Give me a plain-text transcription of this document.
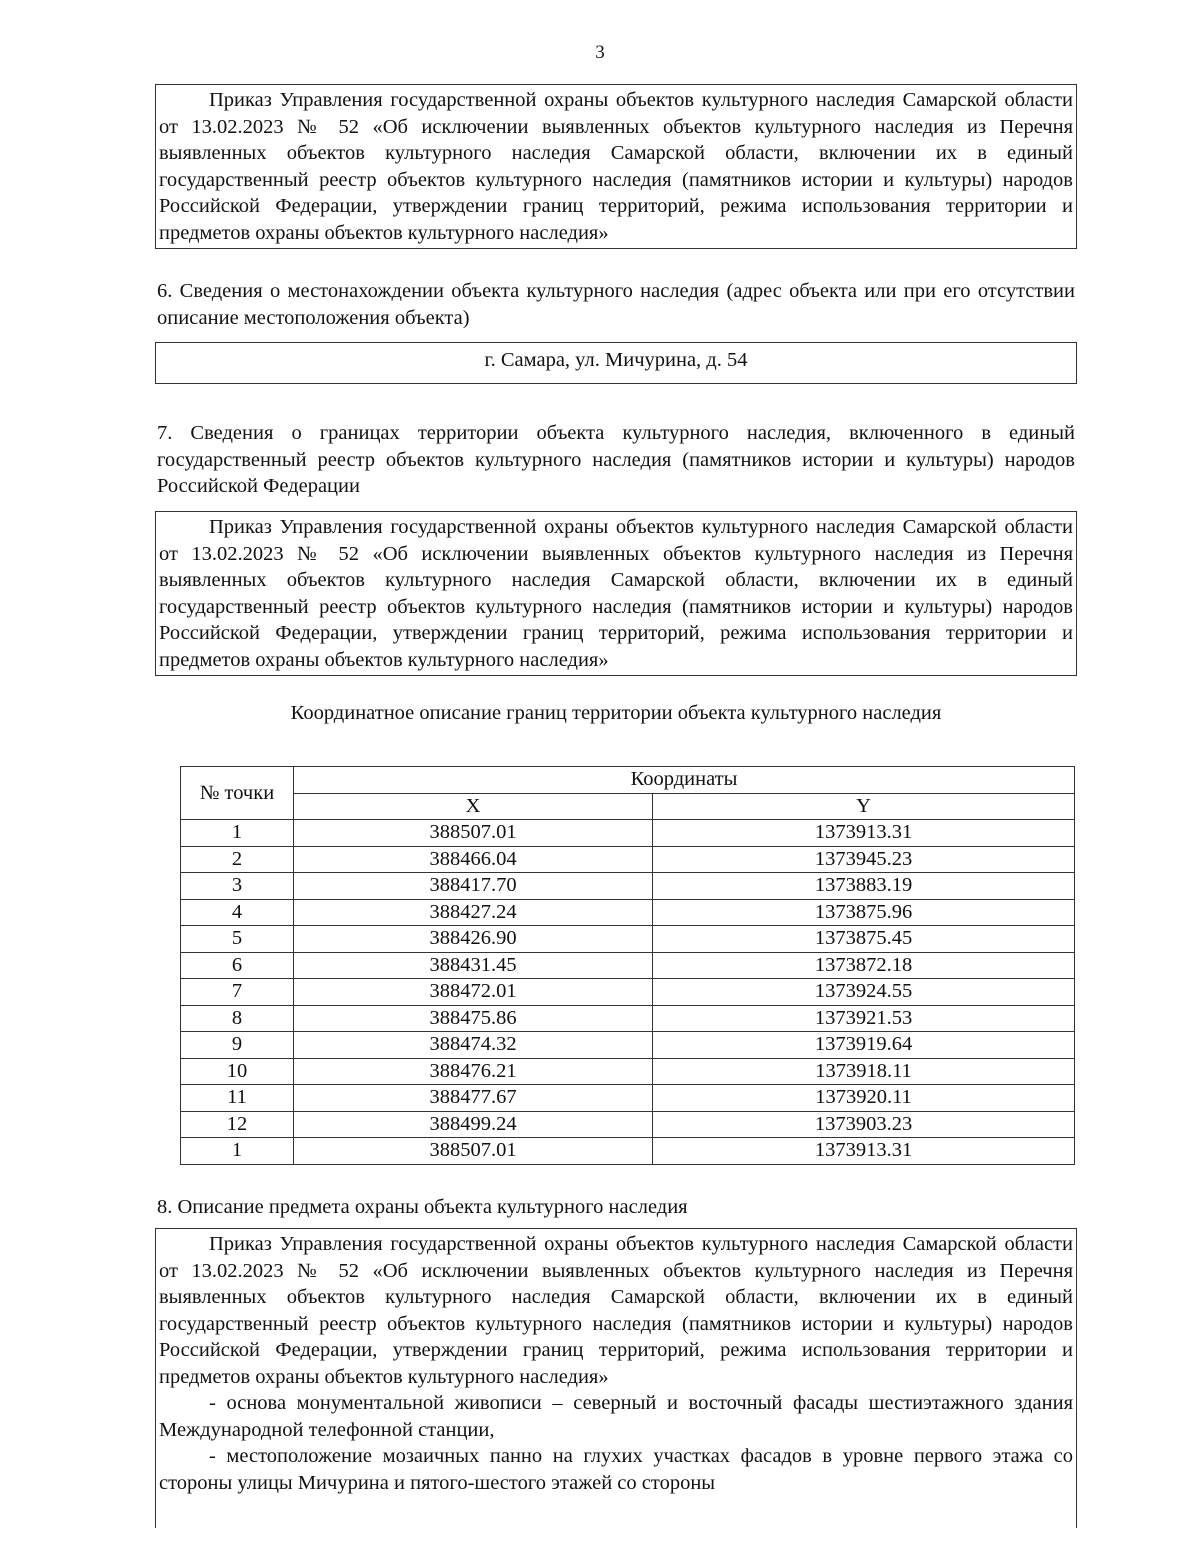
3

Приказ Управления государственной охраны объектов культурного наследия Самарской области от 13.02.2023 № 52 «Об исключении выявленных объектов культурного наследия из Перечня выявленных объектов культурного наследия Самарской области, включении их в единый государственный реестр объектов культурного наследия (памятников истории и культуры) народов Российской Федерации, утверждении границ территорий, режима использования территории и предметов охраны объектов культурного наследия»

6. Сведения о местонахождении объекта культурного наследия (адрес объекта или при его отсутствии описание местоположения объекта)

г. Самара, ул. Мичурина, д. 54

7. Сведения о границах территории объекта культурного наследия, включенного в единый государственный реестр объектов культурного наследия (памятников истории и культуры) народов Российской Федерации

Приказ Управления государственной охраны объектов культурного наследия Самарской области от 13.02.2023 № 52 «Об исключении выявленных объектов культурного наследия из Перечня выявленных объектов культурного наследия Самарской области, включении их в единый государственный реестр объектов культурного наследия (памятников истории и культуры) народов Российской Федерации, утверждении границ территорий, режима использования территории и предметов охраны объектов культурного наследия»

Координатное описание границ территории объекта культурного наследия
№ точки	Координаты	
	X	Y
1	388507.01	1373913.31
2	388466.04	1373945.23
3	388417.70	1373883.19
4	388427.24	1373875.96
5	388426.90	1373875.45
6	388431.45	1373872.18
7	388472.01	1373924.55
8	388475.86	1373921.53
9	388474.32	1373919.64
10	388476.21	1373918.11
11	388477.67	1373920.11
12	388499.24	1373903.23
1	388507.01	1373913.31

8. Описание предмета охраны объекта культурного наследия

Приказ Управления государственной охраны объектов культурного наследия Самарской области от 13.02.2023 № 52 «Об исключении выявленных объектов культурного наследия из Перечня выявленных объектов культурного наследия Самарской области, включении их в единый государственный реестр объектов культурного наследия (памятников истории и культуры) народов Российской Федерации, утверждении границ территорий, режима использования территории и предметов охраны объектов культурного наследия»

- основа монументальной живописи – северный и восточный фасады шестиэтажного здания Международной телефонной станции,

- местоположение мозаичных панно на глухих участках фасадов в уровне первого этажа со стороны улицы Мичурина и пятого-шестого этажей со стороны
